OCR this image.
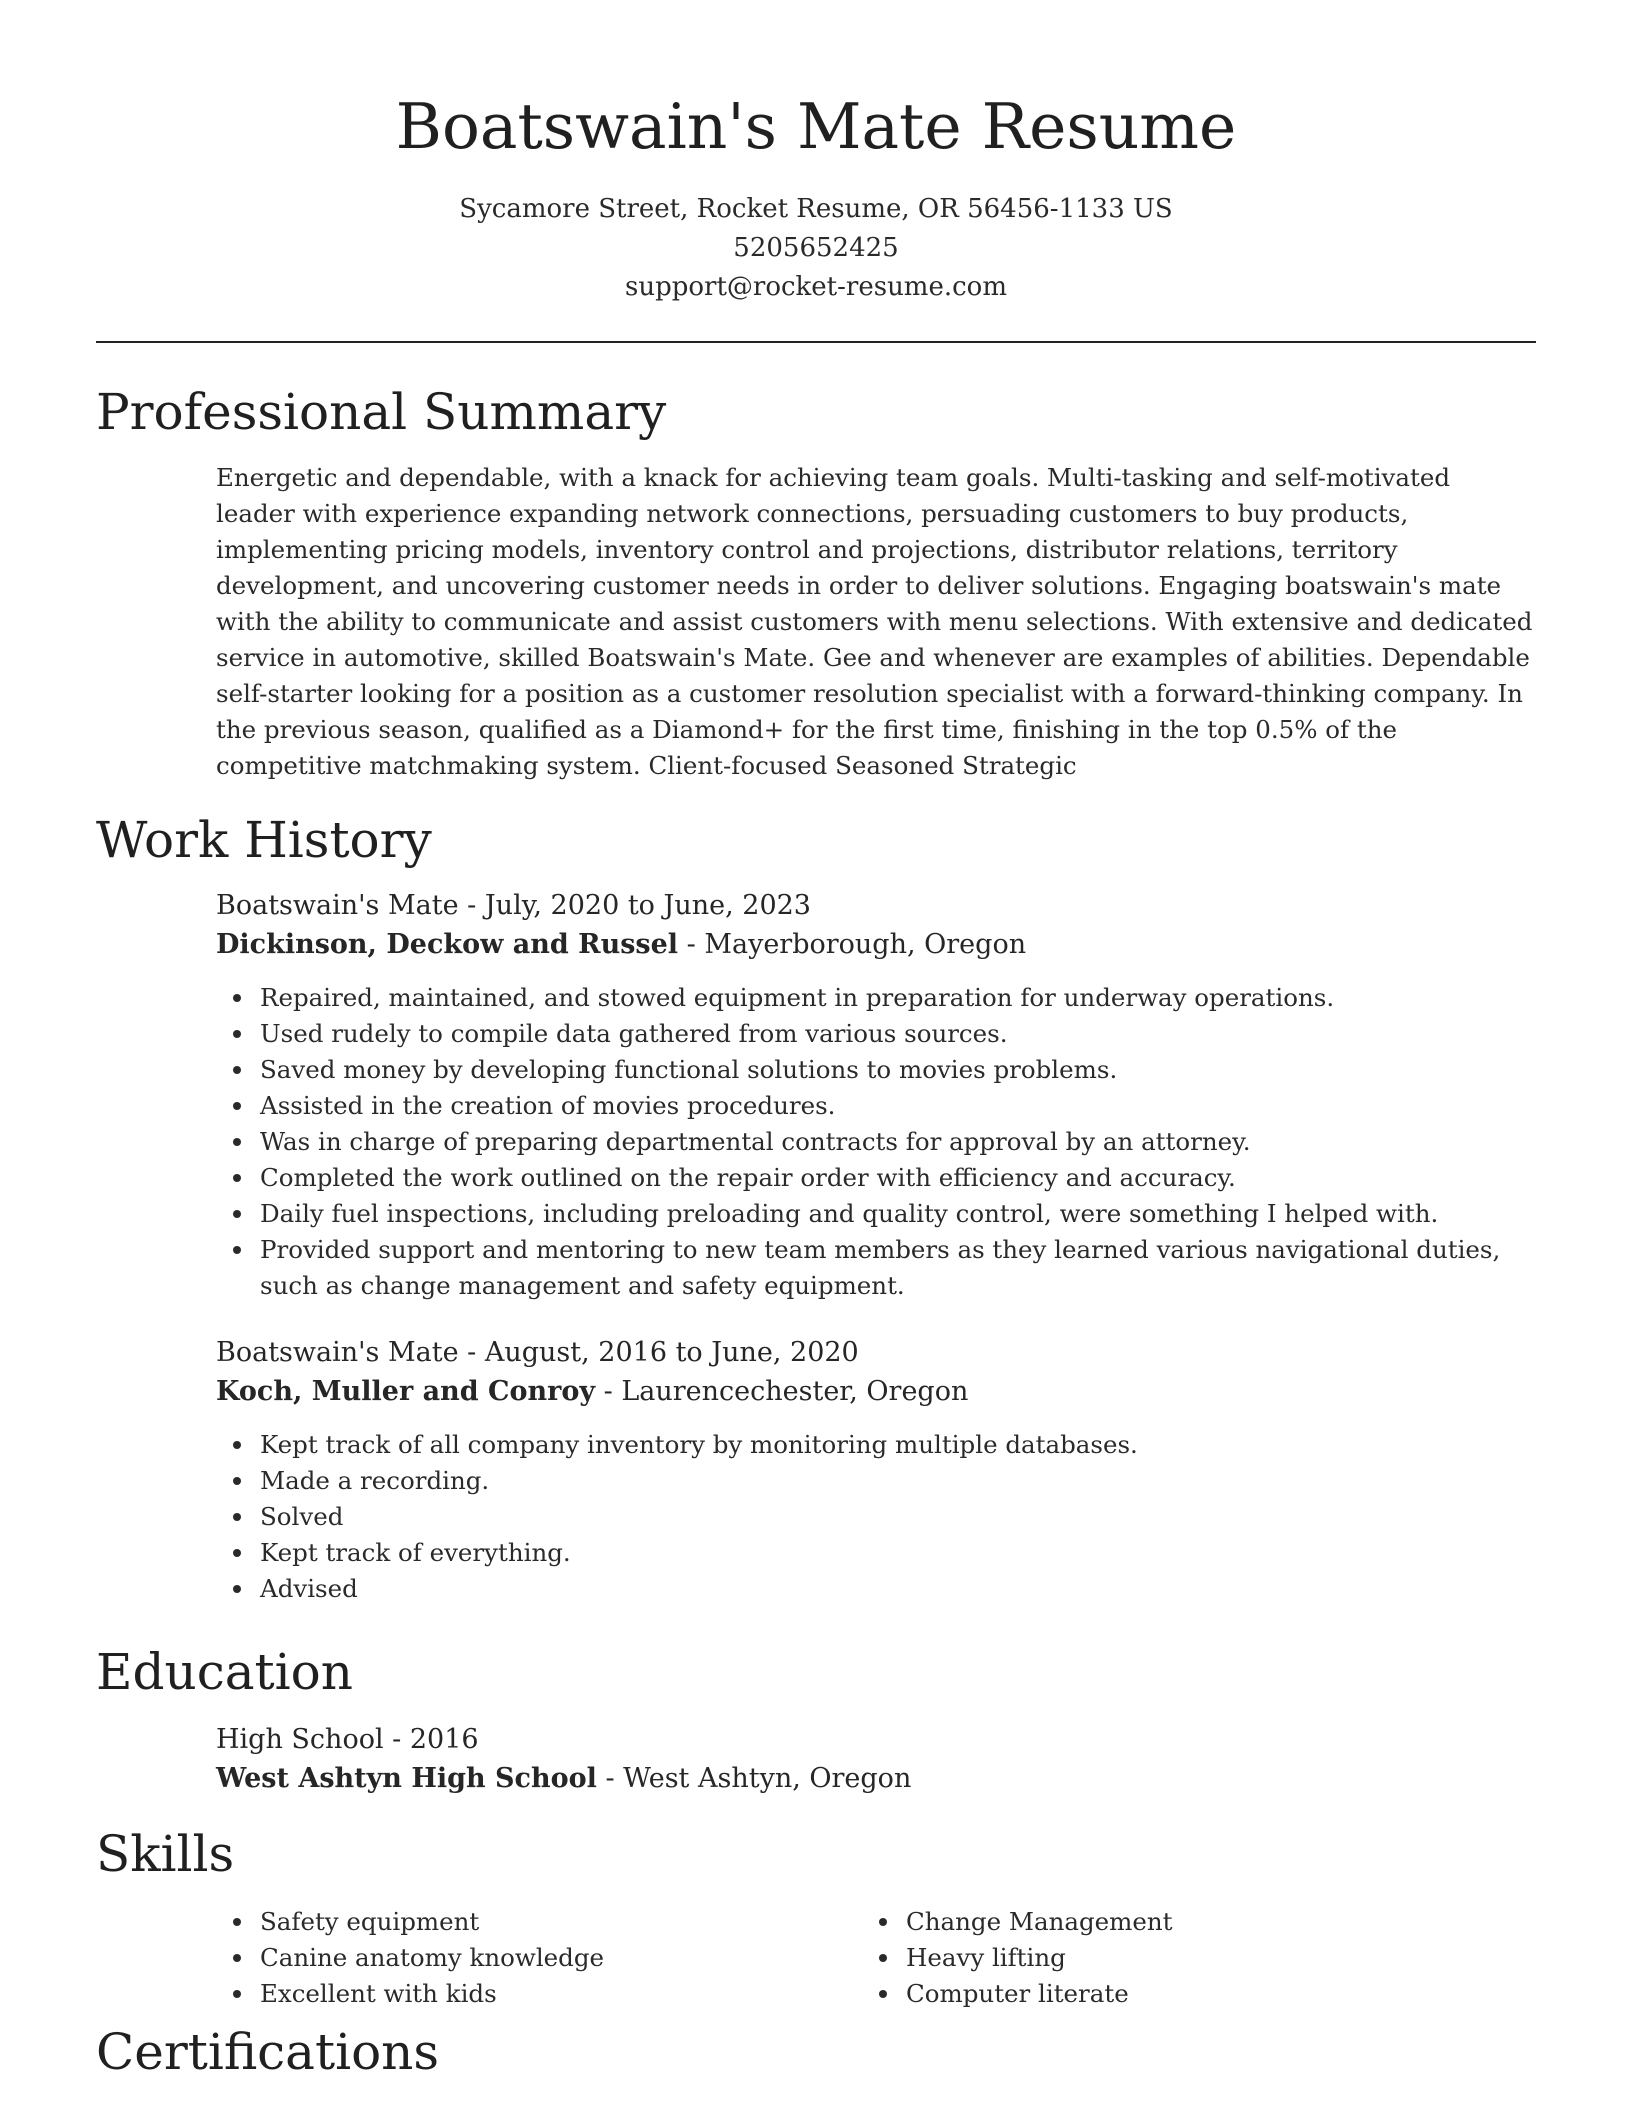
Boatswain's Mate Resume
Sycamore Street, Rocket Resume, OR 56456-1133 US
5205652425
support@rocket-resume.com
Professional Summary

Energetic and dependable, with a knack for achieving team goals. Multi-tasking and self-motivated leader with experience expanding network connections, persuading customers to buy products, implementing pricing models, inventory control and projections, distributor relations, territory development, and uncovering customer needs in order to deliver solutions. Engaging boatswain's mate with the ability to communicate and assist customers with menu selections. With extensive and dedicated service in automotive, skilled Boatswain's Mate. Gee and whenever are examples of abilities. Dependable self-starter looking for a position as a customer resolution specialist with a forward-thinking company. In the previous season, qualified as a Diamond+ for the first time, finishing in the top 0.5% of the competitive matchmaking system. Client-focused Seasoned Strategic

Work History
Boatswain's Mate - July, 2020 to June, 2023
Dickinson, Deckow and Russel - Mayerborough, Oregon
Repaired, maintained, and stowed equipment in preparation for underway operations.
Used rudely to compile data gathered from various sources.
Saved money by developing functional solutions to movies problems.
Assisted in the creation of movies procedures.
Was in charge of preparing departmental contracts for approval by an attorney.
Completed the work outlined on the repair order with efficiency and accuracy.
Daily fuel inspections, including preloading and quality control, were something I helped with.
Provided support and mentoring to new team members as they learned various navigational duties, such as change management and safety equipment.
Boatswain's Mate - August, 2016 to June, 2020
Koch, Muller and Conroy - Laurencechester, Oregon
Kept track of all company inventory by monitoring multiple databases.
Made a recording.
Solved
Kept track of everything.
Advised
Education
High School - 2016
West Ashtyn High School - West Ashtyn, Oregon
Skills
Safety equipment
Canine anatomy knowledge
Excellent with kids
Change Management
Heavy lifting
Computer literate
Certifications
